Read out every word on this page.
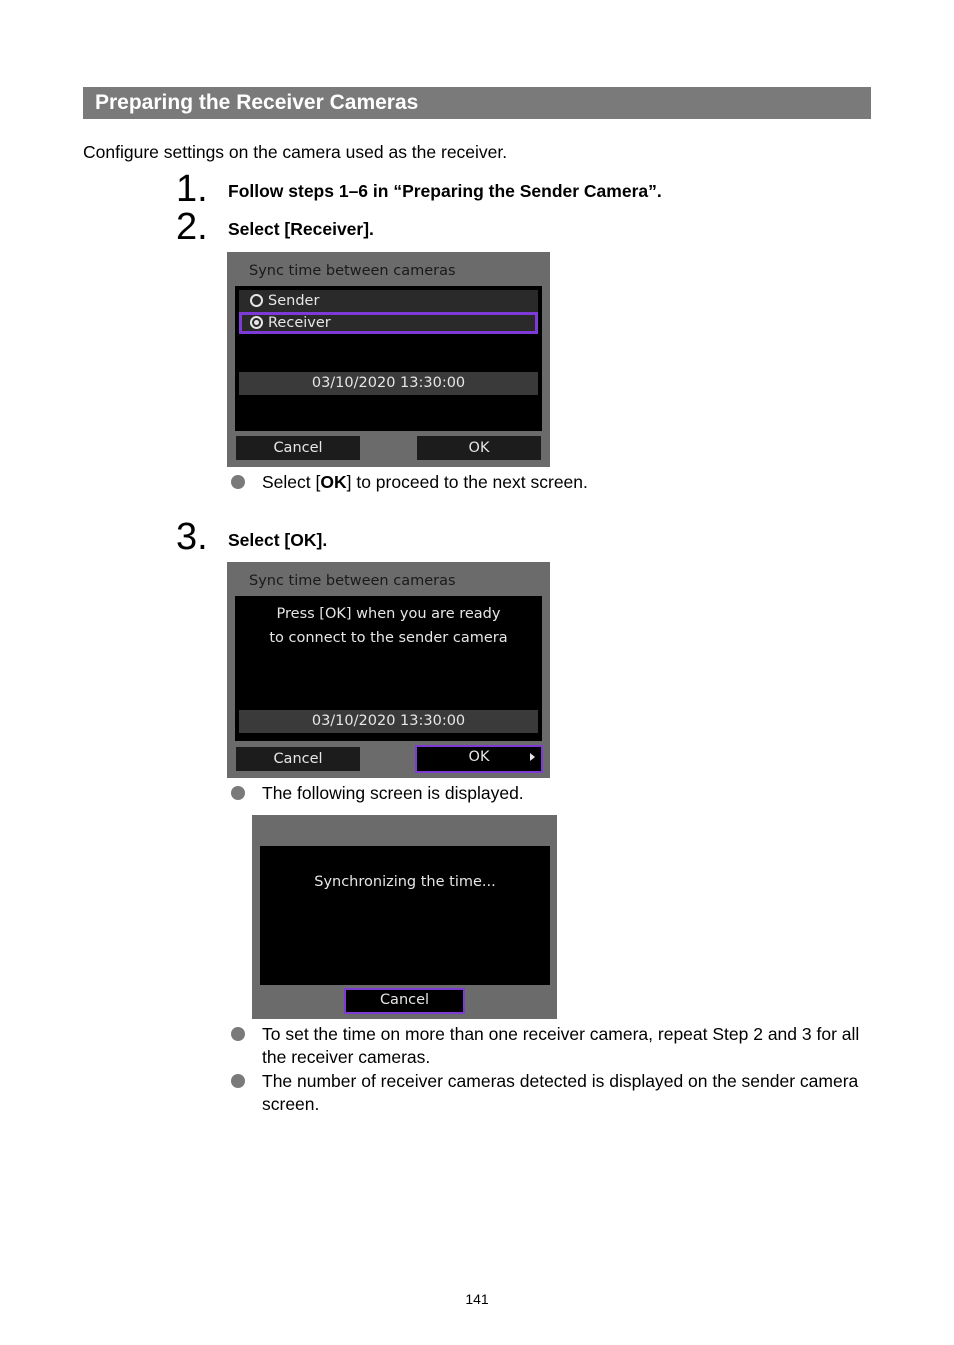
Preparing the Receiver Cameras
Configure settings on the camera used as the receiver.
1. Follow steps 1–6 in “Preparing the Sender Camera”.
2. Select [Receiver].
Sync time between cameras
Sender
Receiver
03/10/2020 13:30:00
Cancel	OK
Select [OK] to proceed to the next screen.
3. Select [OK].
Sync time between cameras
Press [OK] when you are ready
to connect to the sender camera
03/10/2020 13:30:00
Cancel	OK
The following screen is displayed.
Synchronizing the time...
Cancel
To set the time on more than one receiver camera, repeat Step 2 and 3 for all the receiver cameras.
The number of receiver cameras detected is displayed on the sender camera screen.
141
